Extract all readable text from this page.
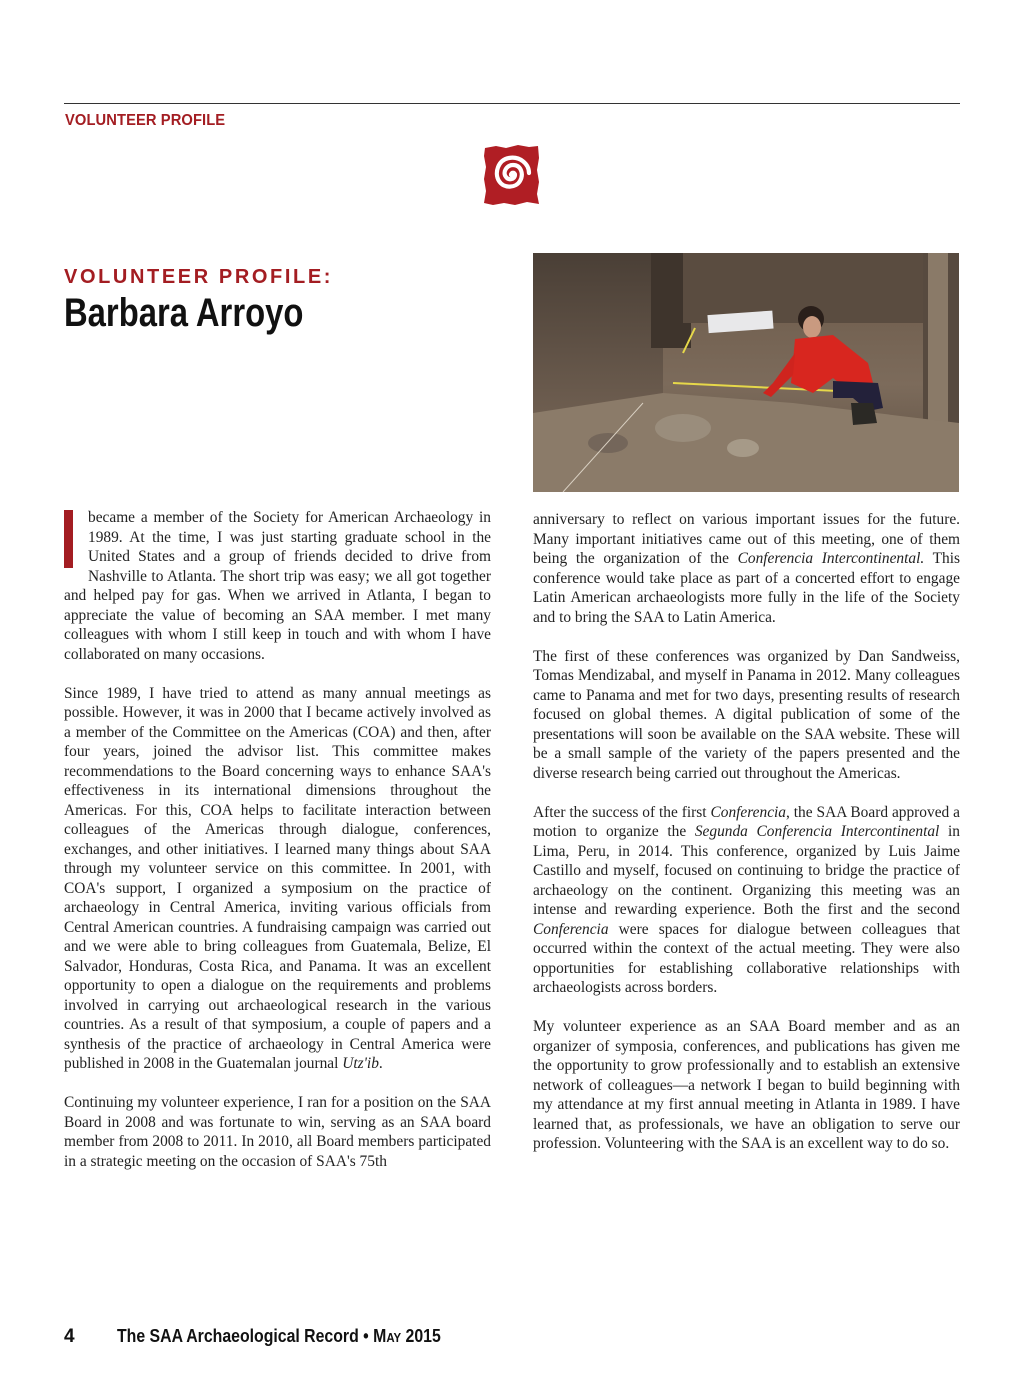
VOLUNTEER PROFILE
VOLUNTEER PROFILE:
Barbara Arroyo

became a member of the Society for American Archaeology in 1989. At the time, I was just starting graduate school in the United States and a group of friends decided to drive from Nashville to Atlanta. The short trip was easy; we all got together and helped pay for gas. When we arrived in Atlanta, I began to appreciate the value of becoming an SAA member. I met many colleagues with whom I still keep in touch and with whom I have collaborated on many occasions.

Since 1989, I have tried to attend as many annual meetings as possible. However, it was in 2000 that I became actively involved as a member of the Committee on the Americas (COA) and then, after four years, joined the advisor list. This committee makes recommendations to the Board concerning ways to enhance SAA's effectiveness in its international dimensions throughout the Americas. For this, COA helps to facilitate interaction between colleagues of the Americas through dialogue, conferences, exchanges, and other initiatives. I learned many things about SAA through my volunteer service on this committee. In 2001, with COA's support, I organized a symposium on the practice of archaeology in Central America, inviting various officials from Central American countries. A fundraising campaign was carried out and we were able to bring colleagues from Guatemala, Belize, El Salvador, Honduras, Costa Rica, and Panama. It was an excellent opportunity to open a dialogue on the requirements and problems involved in carrying out archaeological research in the various countries. As a result of that symposium, a couple of papers and a synthesis of the practice of archaeology in Central America were published in 2008 in the Guatemalan journal Utz'ib.

Continuing my volunteer experience, I ran for a position on the SAA Board in 2008 and was fortunate to win, serving as an SAA board member from 2008 to 2011. In 2010, all Board members participated in a strategic meeting on the occasion of SAA's 75th

anniversary to reflect on various important issues for the future. Many important initiatives came out of this meeting, one of them being the organization of the Conferencia Intercontinental. This conference would take place as part of a concerted effort to engage Latin American archaeologists more fully in the life of the Society and to bring the SAA to Latin America.

The first of these conferences was organized by Dan Sandweiss, Tomas Mendizabal, and myself in Panama in 2012. Many colleagues came to Panama and met for two days, presenting results of research focused on global themes. A digital publication of some of the presentations will soon be available on the SAA website. These will be a small sample of the variety of the papers presented and the diverse research being carried out throughout the Americas.

After the success of the first Conferencia, the SAA Board approved a motion to organize the Segunda Conferencia Intercontinental in Lima, Peru, in 2014. This conference, organized by Luis Jaime Castillo and myself, focused on continuing to bridge the practice of archaeology on the continent. Organizing this meeting was an intense and rewarding experience. Both the first and the second Conferencia were spaces for dialogue between colleagues that occurred within the context of the actual meeting. They were also opportunities for establishing collaborative relationships with archaeologists across borders.

My volunteer experience as an SAA Board member and as an organizer of symposia, conferences, and publications has given me the opportunity to grow professionally and to establish an extensive network of colleagues—a network I began to build beginning with my attendance at my first annual meeting in Atlanta in 1989. I have learned that, as professionals, we have an obligation to serve our profession. Volunteering with the SAA is an excellent way to do so.

4 The SAA Archaeological Record • May 2015
